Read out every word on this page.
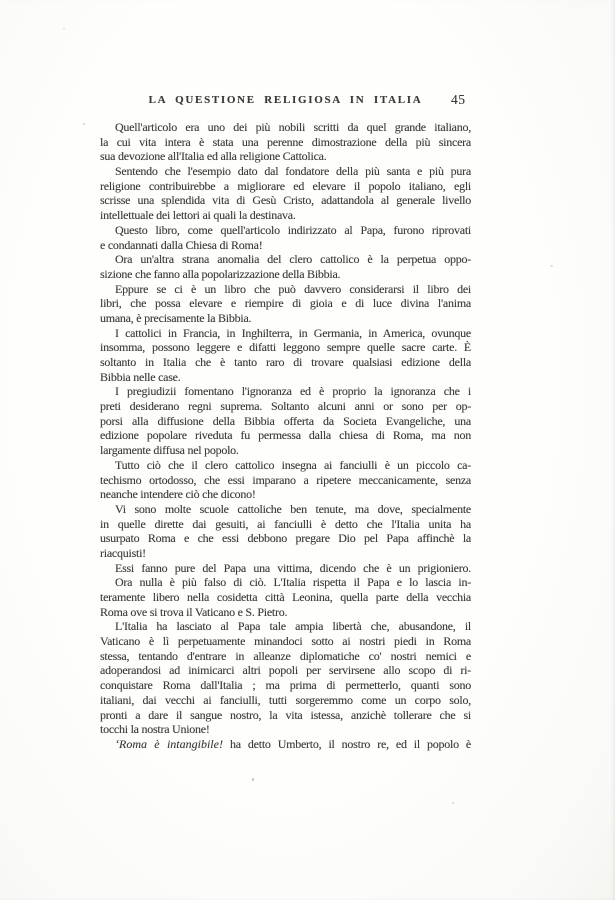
LA QUESTIONE RELIGIOSA IN ITALIA	45
Quell'articolo era uno dei più nobili scritti da quel grande italiano,
la cui vita intera è stata una perenne dimostrazione della più sincera
sua devozione all'Italia ed alla religione Cattolica.
Sentendo che l'esempio dato dal fondatore della più santa e più pura
religione contribuirebbe a migliorare ed elevare il popolo italiano, egli
scrisse una splendida vita di Gesù Cristo, adattandola al generale livello
intellettuale dei lettori ai quali la destinava.
Questo libro, come quell'articolo indirizzato al Papa, furono riprovati
e condannati dalla Chiesa di Roma!
Ora un'altra strana anomalia del clero cattolico è la perpetua oppo-
sizione che fanno alla popolarizzazione della Bibbia.
Eppure se ci è un libro che può davvero considerarsi il libro dei
libri, che possa elevare e riempire di gioia e di luce divina l'anima
umana, è precisamente la Bibbia.
I cattolici in Francia, in Inghilterra, in Germania, in America, ovunque
insomma, possono leggere e difatti leggono sempre quelle sacre carte. È
soltanto in Italia che è tanto raro di trovare qualsiasi edizione della
Bibbia nelle case.
I pregiudizii fomentano l'ignoranza ed è proprio la ignoranza che i
preti desiderano regni suprema. Soltanto alcuni anni or sono per op-
porsi alla diffusione della Bibbia offerta da Societa Evangeliche, una
edizione popolare riveduta fu permessa dalla chiesa di Roma, ma non
largamente diffusa nel popolo.
Tutto ciò che il clero cattolico insegna ai fanciulli è un piccolo ca-
techismo ortodosso, che essi imparano a ripetere meccanicamente, senza
neanche intendere ciò che dicono!
Vi sono molte scuole cattoliche ben tenute, ma dove, specialmente
in quelle dirette dai gesuiti, ai fanciulli è detto che l'Italia unita ha
usurpato Roma e che essi debbono pregare Dio pel Papa affinchè la
riacquisti!
Essi fanno pure del Papa una vittima, dicendo che è un prigioniero.
Ora nulla è più falso di ciò. L'Italia rispetta il Papa e lo lascia in-
teramente libero nella cosidetta città Leonina, quella parte della vecchia
Roma ove si trova il Vaticano e S. Pietro.
L'Italia ha lasciato al Papa tale ampia libertà che, abusandone, il
Vaticano è lì perpetuamente minandoci sotto ai nostri piedi in Roma
stessa, tentando d'entrare in alleanze diplomatiche co' nostri nemici e
adoperandosi ad inimicarci altri popoli per servirsene allo scopo di ri-
conquistare Roma dall'Italia ; ma prima di permetterlo, quanti sono
italiani, dai vecchi ai fanciulli, tutti sorgeremmo come un corpo solo,
pronti a dare il sangue nostro, la vita istessa, anzichè tollerare che si
tocchi la nostra Unione!
‘Roma è intangibile! ha detto Umberto, il nostro re, ed il popolo è
